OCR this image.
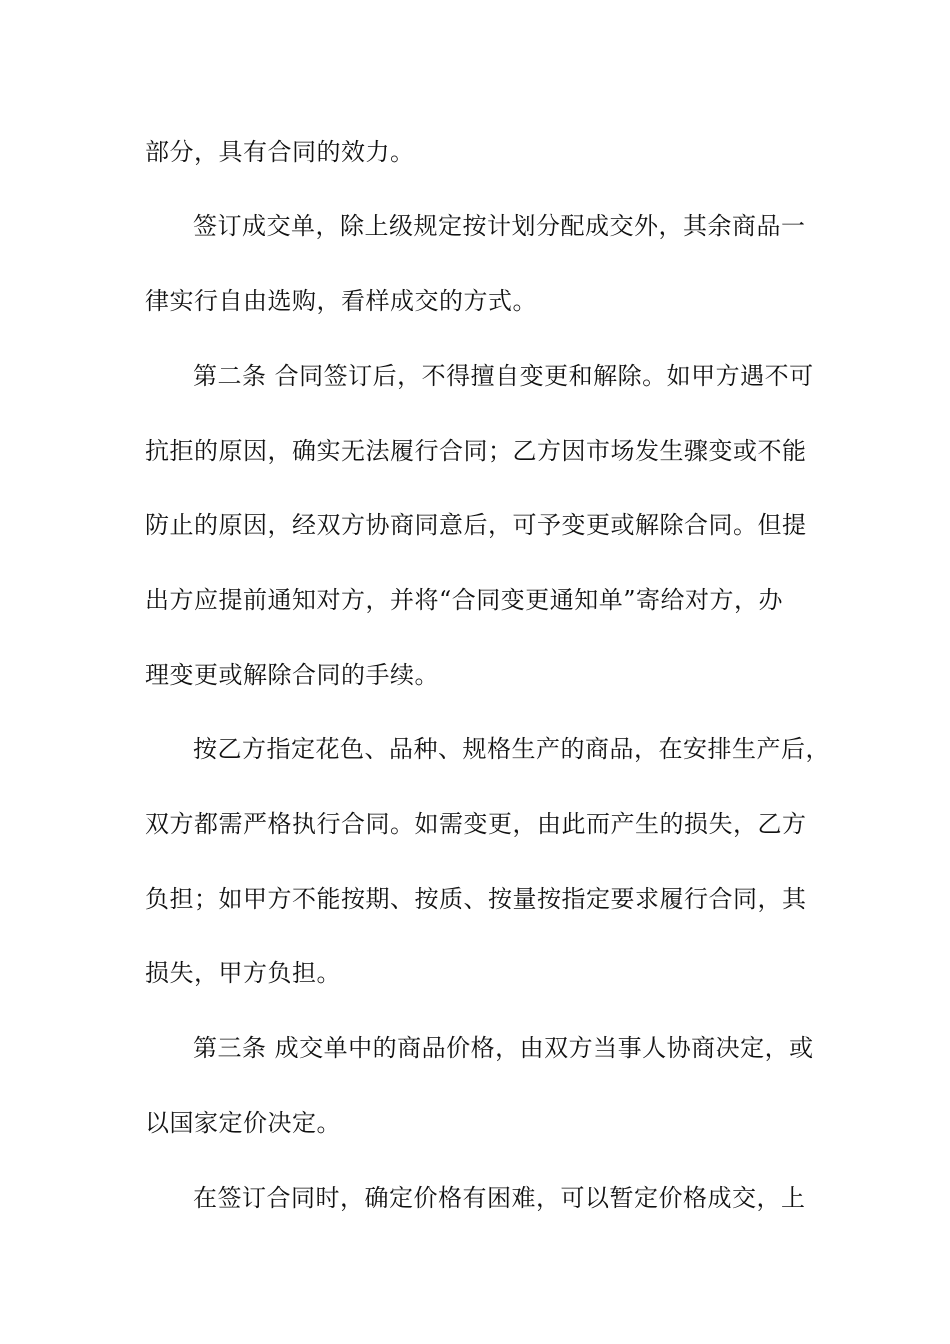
部分，具有合同的效力。
签订成交单，除上级规定按计划分配成交外，其余商品一
律实行自由选购，看样成交的方式。
第二条 合同签订后，不得擅自变更和解除。如甲方遇不可
抗拒的原因，确实无法履行合同；乙方因市场发生骤变或不能
防止的原因，经双方协商同意后，可予变更或解除合同。但提
出方应提前通知对方，并将“合同变更通知单”寄给对方，办
理变更或解除合同的手续。
按乙方指定花色、品种、规格生产的商品，在安排生产后，
双方都需严格执行合同。如需变更，由此而产生的损失，乙方
负担；如甲方不能按期、按质、按量按指定要求履行合同，其
损失，甲方负担。
第三条 成交单中的商品价格，由双方当事人协商决定，或
以国家定价决定。
在签订合同时，确定价格有困难，可以暂定价格成交，上
